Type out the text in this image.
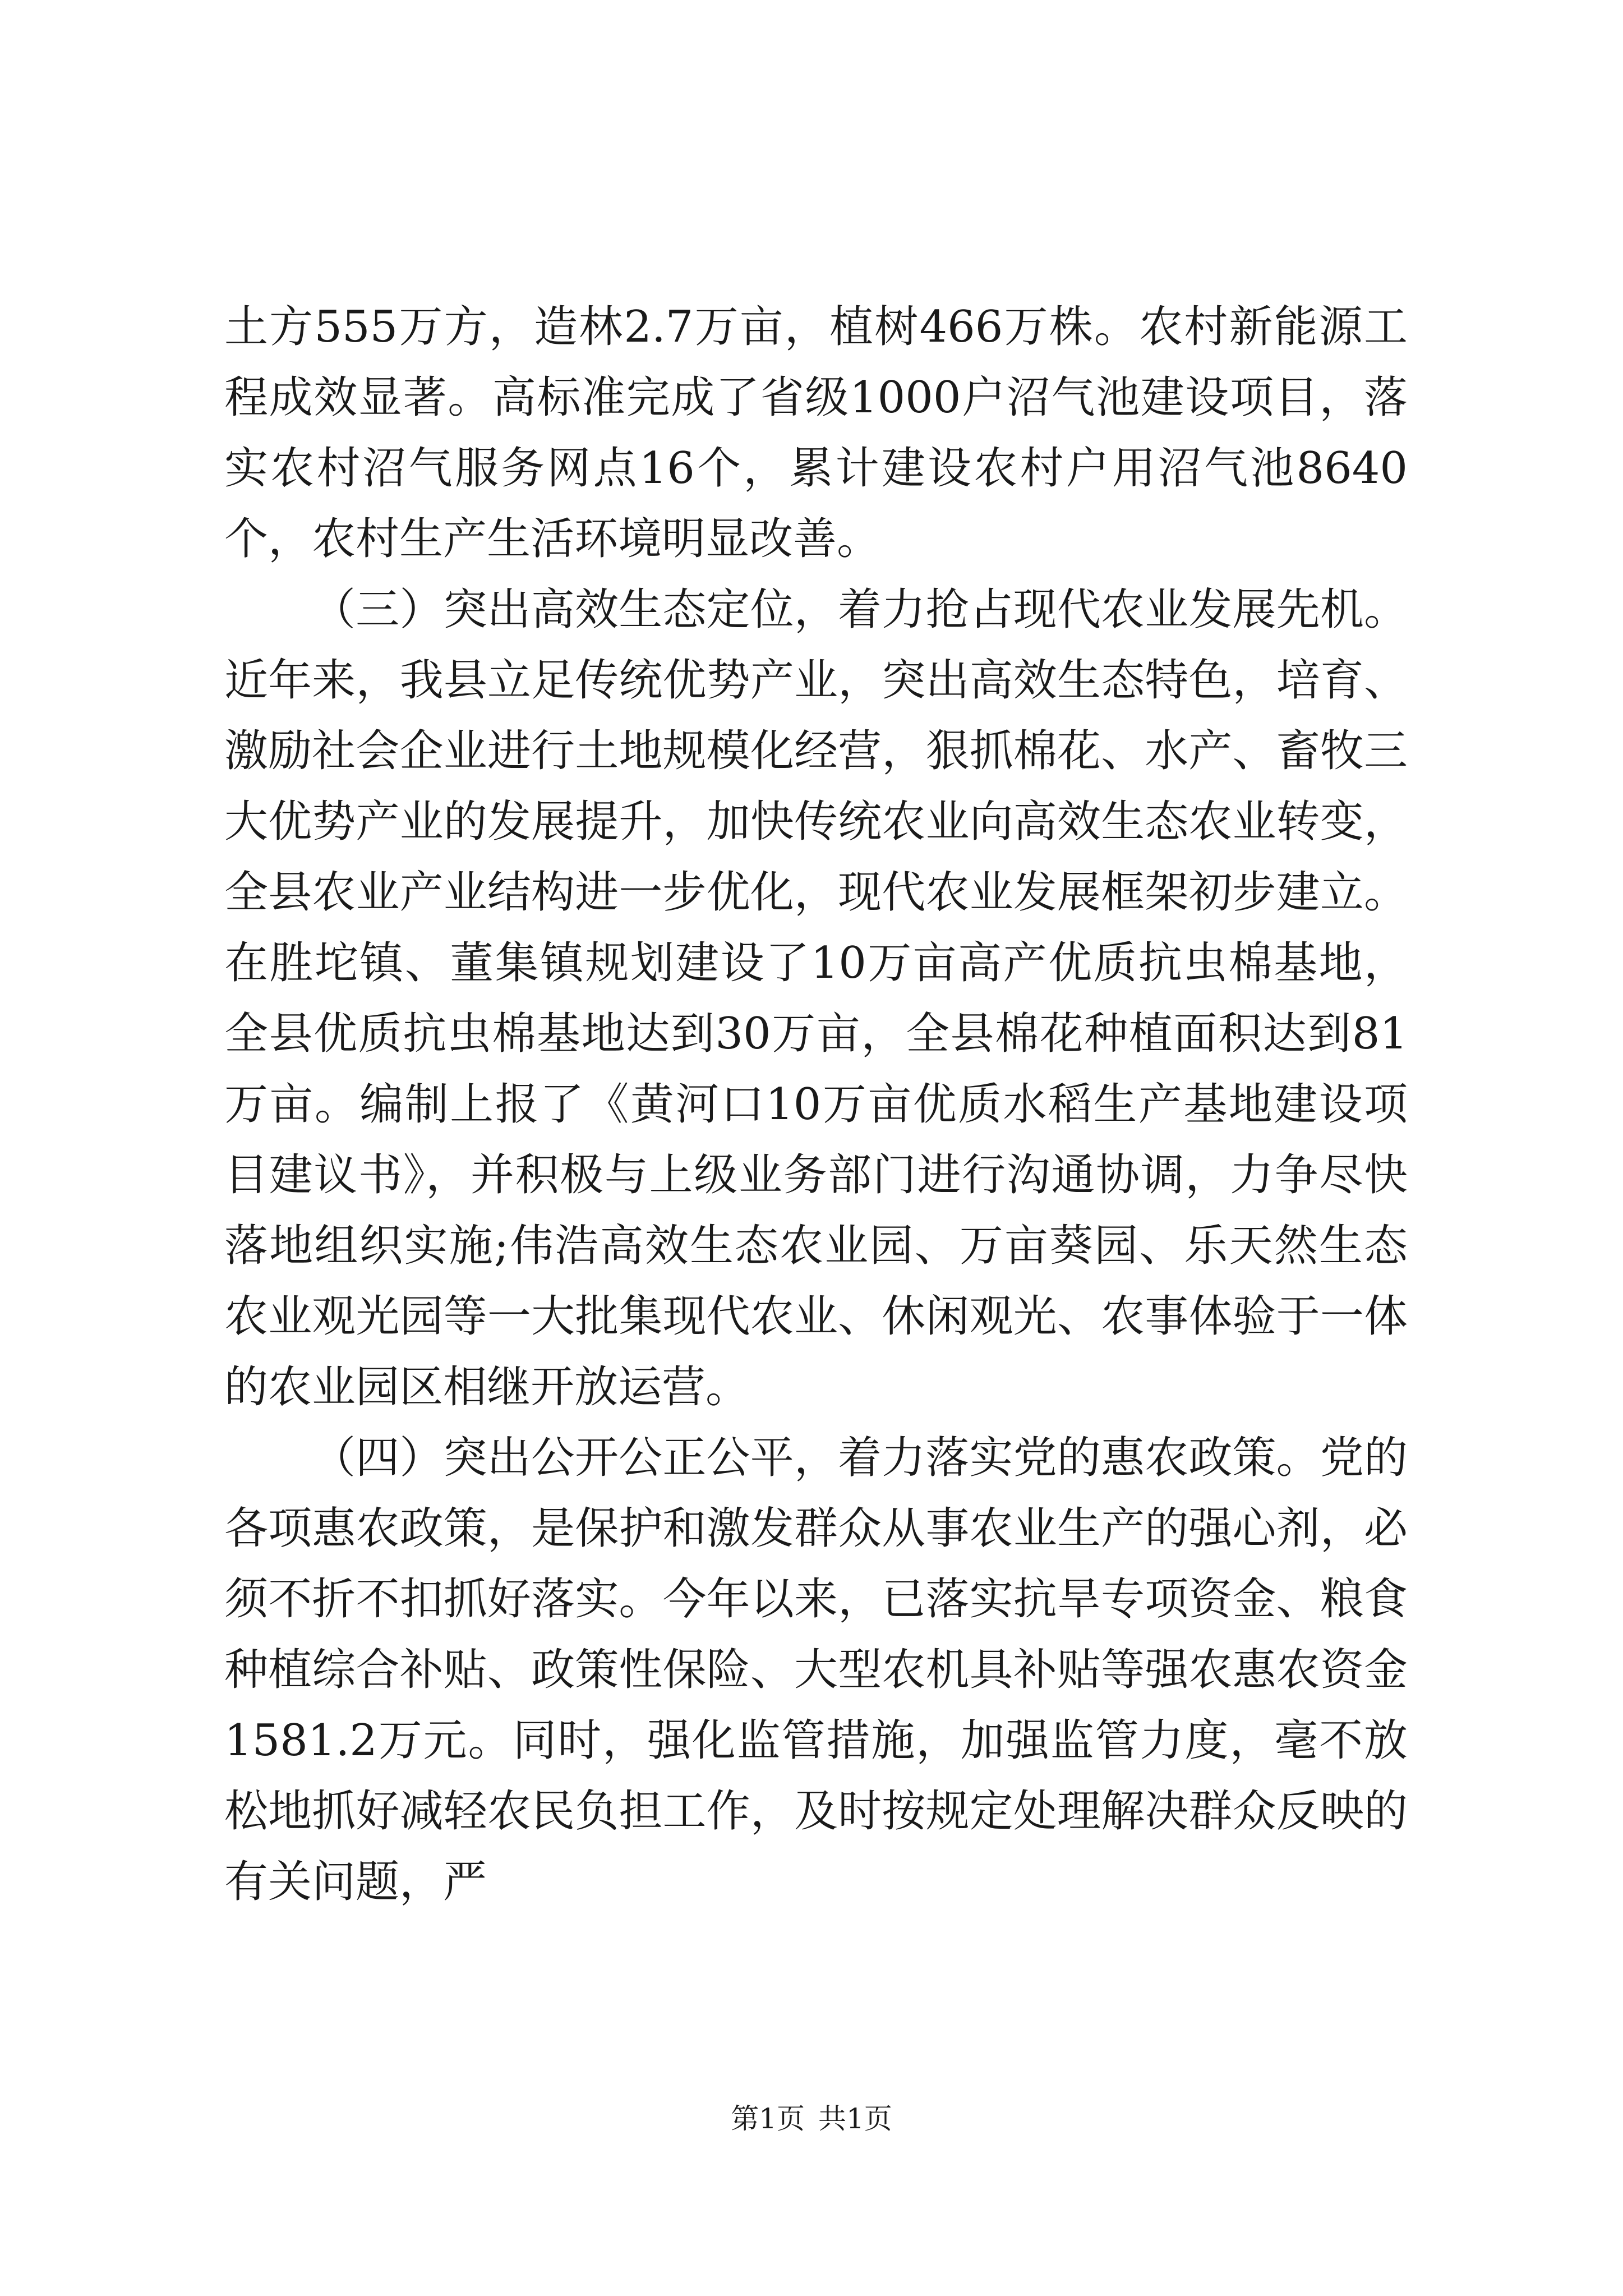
土方555万方，造林2.7万亩，植树466万株。农村新能源工程成效显著。高标准完成了省级1000户沼气池建设项目，落实农村沼气服务网点16个，累计建设农村户用沼气池8640个，农村生产生活环境明显改善。

（三）突出高效生态定位，着力抢占现代农业发展先机。近年来，我县立足传统优势产业，突出高效生态特色，培育、激励社会企业进行土地规模化经营，狠抓棉花、水产、畜牧三大优势产业的发展提升，加快传统农业向高效生态农业转变，全县农业产业结构进一步优化，现代农业发展框架初步建立。在胜坨镇、董集镇规划建设了10万亩高产优质抗虫棉基地，全县优质抗虫棉基地达到30万亩，全县棉花种植面积达到81万亩。编制上报了《黄河口10万亩优质水稻生产基地建设项目建议书》，并积极与上级业务部门进行沟通协调，力争尽快落地组织实施;伟浩高效生态农业园、万亩葵园、乐天然生态农业观光园等一大批集现代农业、休闲观光、农事体验于一体的农业园区相继开放运营。

（四）突出公开公正公平，着力落实党的惠农政策。党的各项惠农政策，是保护和激发群众从事农业生产的强心剂，必须不折不扣抓好落实。今年以来，已落实抗旱专项资金、粮食种植综合补贴、政策性保险、大型农机具补贴等强农惠农资金1581.2万元。同时，强化监管措施，加强监管力度，毫不放松地抓好减轻农民负担工作，及时按规定处理解决群众反映的有关问题，严

第1页 共1页
